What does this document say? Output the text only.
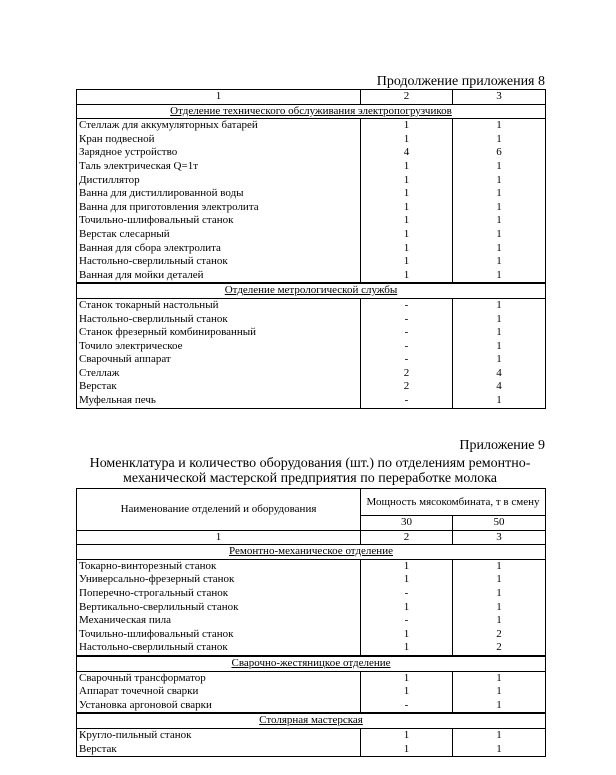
Продолжение приложения 8
1	2	3
Отделение технического обслуживания электропогрузчиков		
Стеллаж для аккумуляторных батарей	1	1
Кран подвесной	1	1
Зарядное устройство	4	6
Таль электрическая Q=1т	1	1
Дистиллятор	1	1
Ванна для дистиллированной воды	1	1
Ванна для приготовления электролита	1	1
Точильно-шлифовальный станок	1	1
Верстак слесарный	1	1
Ванная для сбора электролита	1	1
Настольно-сверлильный станок	1	1
Ванная для мойки деталей	1	1
Отделение метрологической службы		
Станок токарный настольный	-	1
Настольно-сверлильный станок	-	1
Станок фрезерный комбинированный	-	1
Точило электрическое	-	1
Сварочный аппарат	-	1
Стеллаж	2	4
Верстак	2	4
Муфельная печь	-	1
Приложение 9
Номенклатура и количество оборудования (шт.) по отделениям ремонтно-механической мастерской предприятия по переработке молока
Наименование отделений и оборудования	Мощность мясокомбината, т в смену	
	30	50
1	2	3
Ремонтно-механическое отделение		
Токарно-винторезный станок	1	1
Универсально-фрезерный станок	1	1
Поперечно-строгальный станок	-	1
Вертикально-сверлильный станок	1	1
Механическая пила	-	1
Точильно-шлифовальный станок	1	2
Настольно-сверлильный станок	1	2
Сварочно-жестяницкое отделение		
Сварочный трансформатор	1	1
Аппарат точечной сварки	1	1
Установка аргоновой сварки	-	1
Столярная мастерская		
Кругло-пильный станок	1	1
Верстак	1	1
